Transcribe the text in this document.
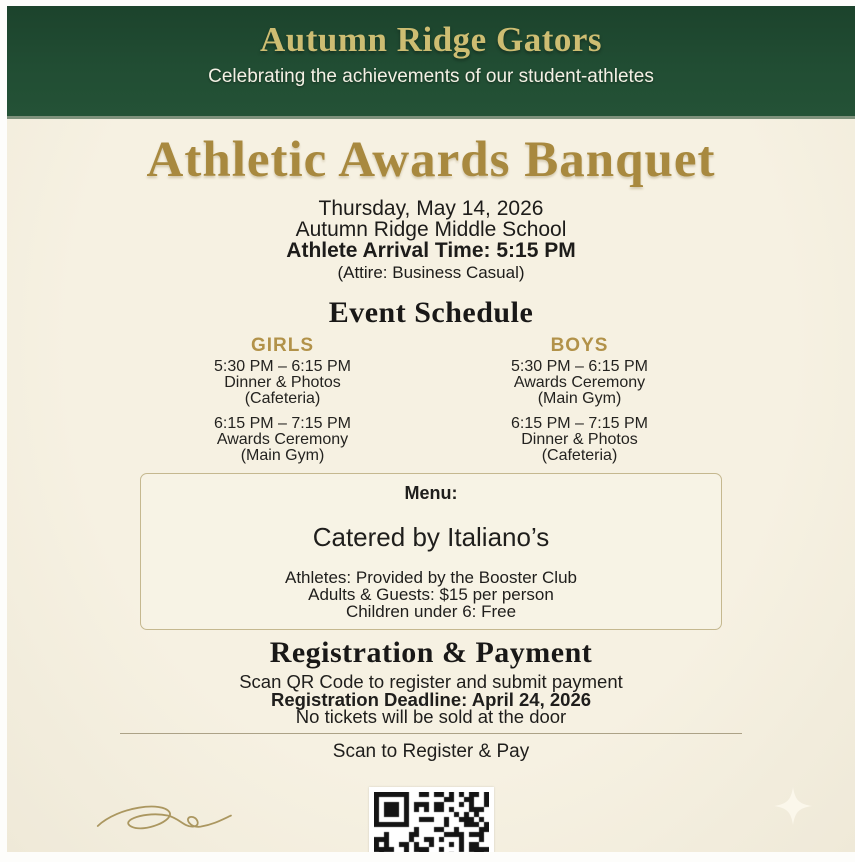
Autumn Ridge Gators
Celebrating the achievements of our student-athletes
Athletic Awards Banquet
Thursday, May 14, 2026
Autumn Ridge Middle School
Athlete Arrival Time: 5:15 PM
(Attire: Business Casual)
Event Schedule
GIRLS
5:30 PM – 6:15 PM
Dinner & Photos
(Cafeteria)
6:15 PM – 7:15 PM
Awards Ceremony
(Main Gym)
BOYS
5:30 PM – 6:15 PM
Awards Ceremony
(Main Gym)
6:15 PM – 7:15 PM
Dinner & Photos
(Cafeteria)
Menu:
Catered by Italiano’s
Athletes: Provided by the Booster Club
Adults & Guests: $15 per person
Children under 6: Free
Registration & Payment
Scan QR Code to register and submit payment
Registration Deadline: April 24, 2026
No tickets will be sold at the door
Scan to Register & Pay
